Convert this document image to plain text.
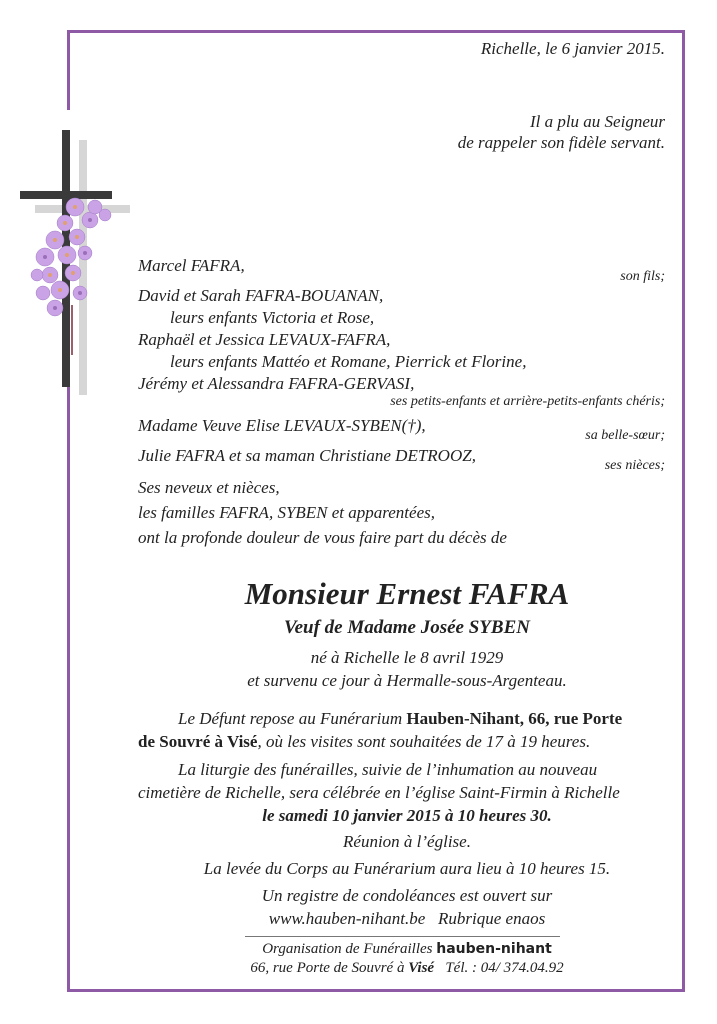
Richelle, le 6 janvier 2015.
Il a plu au Seigneur
de rappeler son fidèle servant.
Marcel FAFRA,
son fils;
David et Sarah FAFRA-BOUANAN,
leurs enfants Victoria et Rose,
Raphaël et Jessica LEVAUX-FAFRA,
leurs enfants Mattéo et Romane, Pierrick et Florine,
Jérémy et Alessandra FAFRA-GERVASI,
ses petits-enfants et arrière-petits-enfants chéris;
Madame Veuve Elise LEVAUX-SYBEN(†),
sa belle-sœur;
Julie FAFRA et sa maman Christiane DETROOZ,
ses nièces;
Ses neveux et nièces,
les familles FAFRA, SYBEN et apparentées,
ont la profonde douleur de vous faire part du décès de
Monsieur Ernest FAFRA
Veuf de Madame Josée SYBEN
né à Richelle le 8 avril 1929
et survenu ce jour à Hermalle-sous-Argenteau.
Le Défunt repose au Funérarium Hauben-Nihant, 66, rue Porte
de Souvré à Visé, où les visites sont souhaitées de 17 à 19 heures.
La liturgie des funérailles, suivie de l’inhumation au nouveau
cimetière de Richelle, sera célébrée en l’église Saint-Firmin à Richelle
le samedi 10 janvier 2015 à 10 heures 30.
Réunion à l’église.
La levée du Corps au Funérarium aura lieu à 10 heures 15.
Un registre de condoléances est ouvert sur
www.hauben-nihant.be   Rubrique enaos
Organisation de Funérailles hauben-nihant
66, rue Porte de Souvré à Visé   Tél. : 04/ 374.04.92
